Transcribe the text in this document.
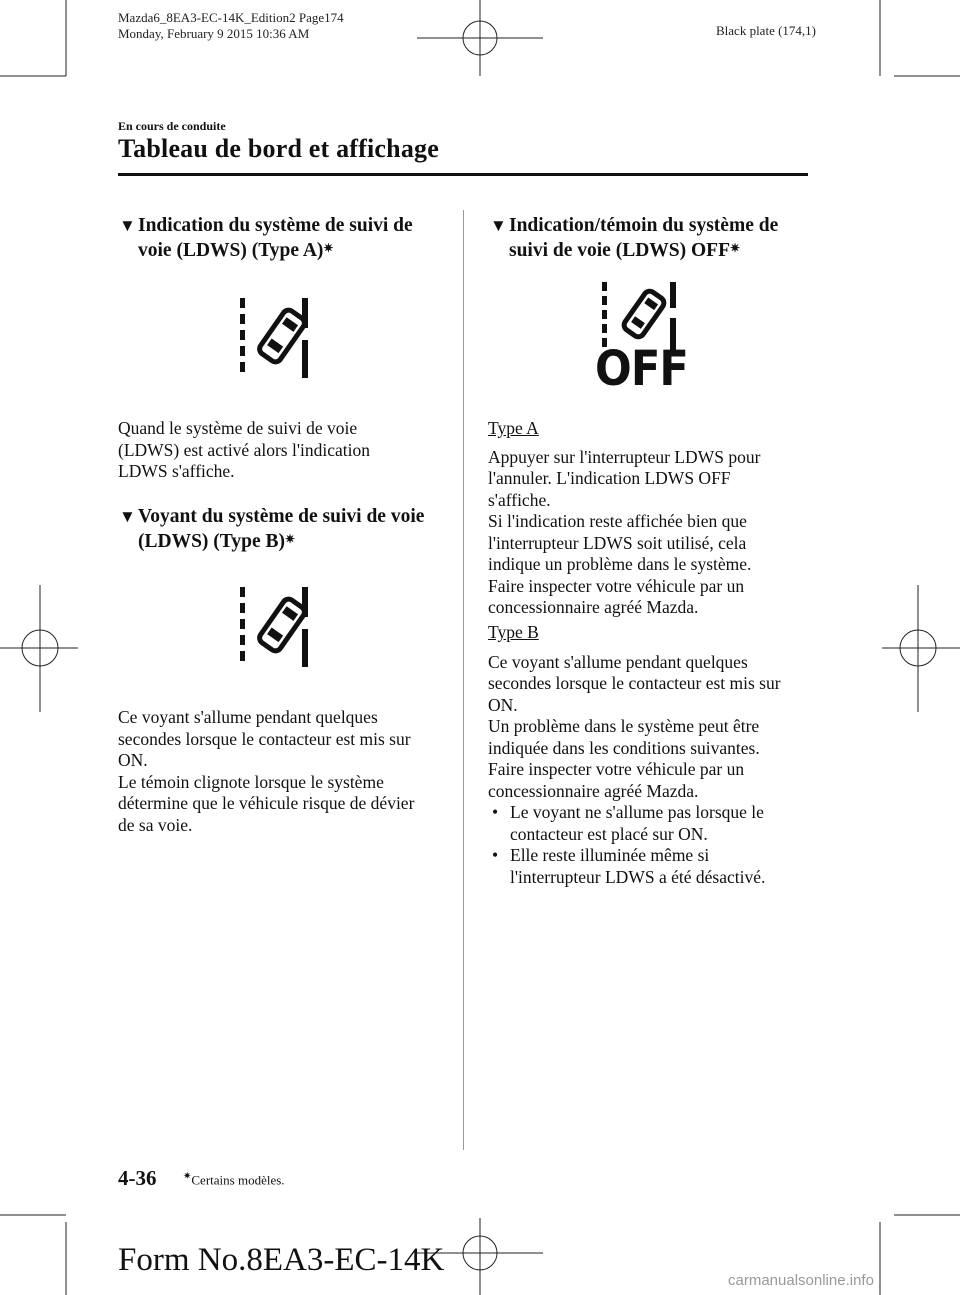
Mazda6_8EA3-EC-14K_Edition2 Page174
Monday, February 9 2015 10:36 AM	Black plate (174,1)
En cours de conduite
Tableau de bord et affichage
▼ Indication du système de suivi de voie (LDWS) (Type A)✷

Quand le système de suivi de voie

(LDWS) est activé alors l'indication

LDWS s'affiche.

▼ Voyant du système de suivi de voie (LDWS) (Type B)✷

Ce voyant s'allume pendant quelques

secondes lorsque le contacteur est mis sur

ON.

Le témoin clignote lorsque le système

détermine que le véhicule risque de dévier

de sa voie.

▼ Indication/témoin du système de suivi de voie (LDWS) OFF✷
OFF
Type A

Appuyer sur l'interrupteur LDWS pour

l'annuler. L'indication LDWS OFF

s'affiche.

Si l'indication reste affichée bien que

l'interrupteur LDWS soit utilisé, cela

indique un problème dans le système.

Faire inspecter votre véhicule par un

concessionnaire agréé Mazda.

Type B

Ce voyant s'allume pendant quelques

secondes lorsque le contacteur est mis sur

ON.

Un problème dans le système peut être

indiquée dans les conditions suivantes.

Faire inspecter votre véhicule par un

concessionnaire agréé Mazda.

• Le voyant ne s'allume pas lorsque le
contacteur est placé sur ON.
• Elle reste illuminée même si
l'interrupteur LDWS a été désactivé.
4-36	✷Certains modèles.
Form No.8EA3-EC-14K
carmanualsonline.info
